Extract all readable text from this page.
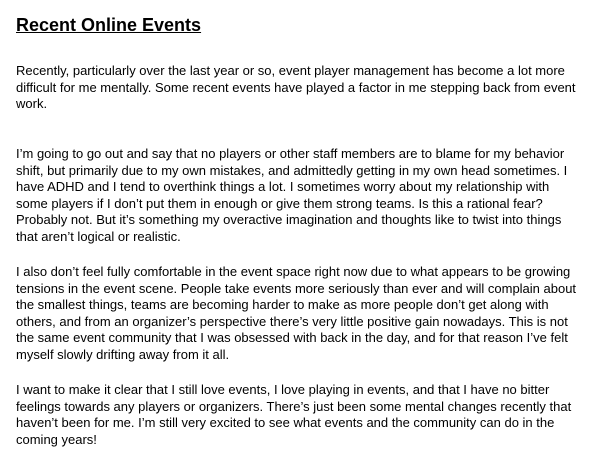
Recent Online Events

Recently, particularly over the last year or so, event player management has become a lot more difficult for me mentally. Some recent events have played a factor in me stepping back from event work.

I’m going to go out and say that no players or other staff members are to blame for my behavior shift, but primarily due to my own mistakes, and admittedly getting in my own head sometimes. I have ADHD and I tend to overthink things a lot. I sometimes worry about my relationship with some players if I don’t put them in enough or give them strong teams. Is this a rational fear? Probably not. But it’s something my overactive imagination and thoughts like to twist into things that aren’t logical or realistic.

I also don’t feel fully comfortable in the event space right now due to what appears to be growing tensions in the event scene. People take events more seriously than ever and will complain about the smallest things, teams are becoming harder to make as more people don’t get along with others, and from an organizer’s perspective there’s very little positive gain nowadays. This is not the same event community that I was obsessed with back in the day, and for that reason I’ve felt myself slowly drifting away from it all.

I want to make it clear that I still love events, I love playing in events, and that I have no bitter feelings towards any players or organizers. There’s just been some mental changes recently that haven’t been for me. I’m still very excited to see what events and the community can do in the coming years!
